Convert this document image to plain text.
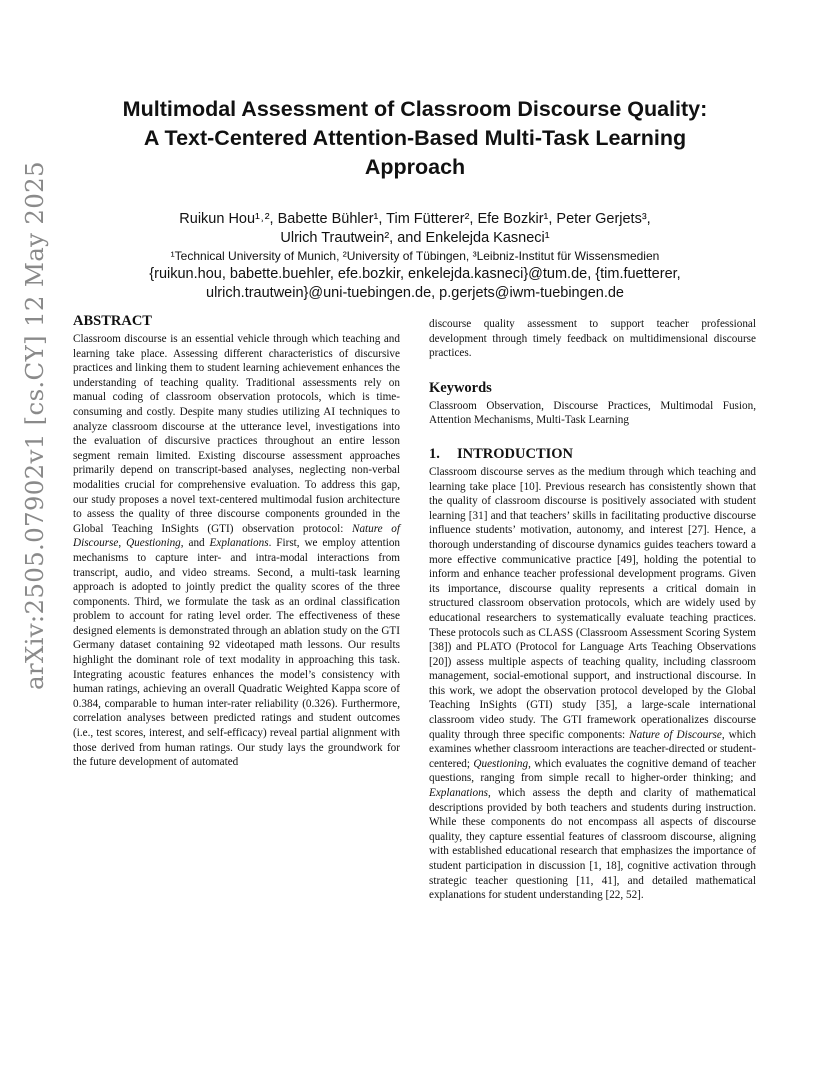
arXiv:2505.07902v1 [cs.CY] 12 May 2025
Multimodal Assessment of Classroom Discourse Quality:
A Text-Centered Attention-Based Multi-Task Learning
Approach
Ruikun Hou¹˒², Babette Bühler¹, Tim Fütterer², Efe Bozkir¹, Peter Gerjets³,
Ulrich Trautwein², and Enkelejda Kasneci¹
¹Technical University of Munich, ²University of Tübingen, ³Leibniz-Institut für Wissensmedien
{ruikun.hou, babette.buehler, efe.bozkir, enkelejda.kasneci}@tum.de, {tim.fuetterer,
ulrich.trautwein}@uni-tuebingen.de, p.gerjets@iwm-tuebingen.de
ABSTRACT

Classroom discourse is an essential vehicle through which teaching and learning take place. Assessing different characteristics of discursive practices and linking them to student learning achievement enhances the understanding of teaching quality. Traditional assessments rely on manual coding of classroom observation protocols, which is time-consuming and costly. Despite many studies utilizing AI techniques to analyze classroom discourse at the utterance level, investigations into the evaluation of discursive practices throughout an entire lesson segment remain limited. Existing discourse assessment approaches primarily depend on transcript-based analyses, neglecting non-verbal modalities crucial for comprehensive evaluation. To address this gap, our study proposes a novel text-centered multimodal fusion architecture to assess the quality of three discourse components grounded in the Global Teaching InSights (GTI) observation protocol: Nature of Discourse, Questioning, and Explanations. First, we employ attention mechanisms to capture inter- and intra-modal interactions from transcript, audio, and video streams. Second, a multi-task learning approach is adopted to jointly predict the quality scores of the three components. Third, we formulate the task as an ordinal classification problem to account for rating level order. The effectiveness of these designed elements is demonstrated through an ablation study on the GTI Germany dataset containing 92 videotaped math lessons. Our results highlight the dominant role of text modality in approaching this task. Integrating acoustic features enhances the model’s consistency with human ratings, achieving an overall Quadratic Weighted Kappa score of 0.384, comparable to human inter-rater reliability (0.326). Furthermore, correlation analyses between predicted ratings and student outcomes (i.e., test scores, interest, and self-efficacy) reveal partial alignment with those derived from human ratings. Our study lays the groundwork for the future development of automated

discourse quality assessment to support teacher professional development through timely feedback on multidimensional discourse practices.

Keywords

Classroom Observation, Discourse Practices, Multimodal Fusion, Attention Mechanisms, Multi-Task Learning

1. INTRODUCTION

Classroom discourse serves as the medium through which teaching and learning take place [10]. Previous research has consistently shown that the quality of classroom discourse is positively associated with student learning [31] and that teachers’ skills in facilitating productive discourse influence students’ motivation, autonomy, and interest [27]. Hence, a thorough understanding of discourse dynamics guides teachers toward a more effective communicative practice [49], holding the potential to inform and enhance teacher professional development programs. Given its importance, discourse quality represents a critical domain in structured classroom observation protocols, which are widely used by educational researchers to systematically evaluate teaching practices. These protocols such as CLASS (Classroom Assessment Scoring System [38]) and PLATO (Protocol for Language Arts Teaching Observations [20]) assess multiple aspects of teaching quality, including classroom management, social-emotional support, and instructional discourse. In this work, we adopt the observation protocol developed by the Global Teaching InSights (GTI) study [35], a large-scale international classroom video study. The GTI framework operationalizes discourse quality through three specific components: Nature of Discourse, which examines whether classroom interactions are teacher-directed or student-centered; Questioning, which evaluates the cognitive demand of teacher questions, ranging from simple recall to higher-order thinking; and Explanations, which assess the depth and clarity of mathematical descriptions provided by both teachers and students during instruction. While these components do not encompass all aspects of discourse quality, they capture essential features of classroom discourse, aligning with established educational research that emphasizes the importance of student participation in discussion [1, 18], cognitive activation through strategic teacher questioning [11, 41], and detailed mathematical explanations for student understanding [22, 52].
